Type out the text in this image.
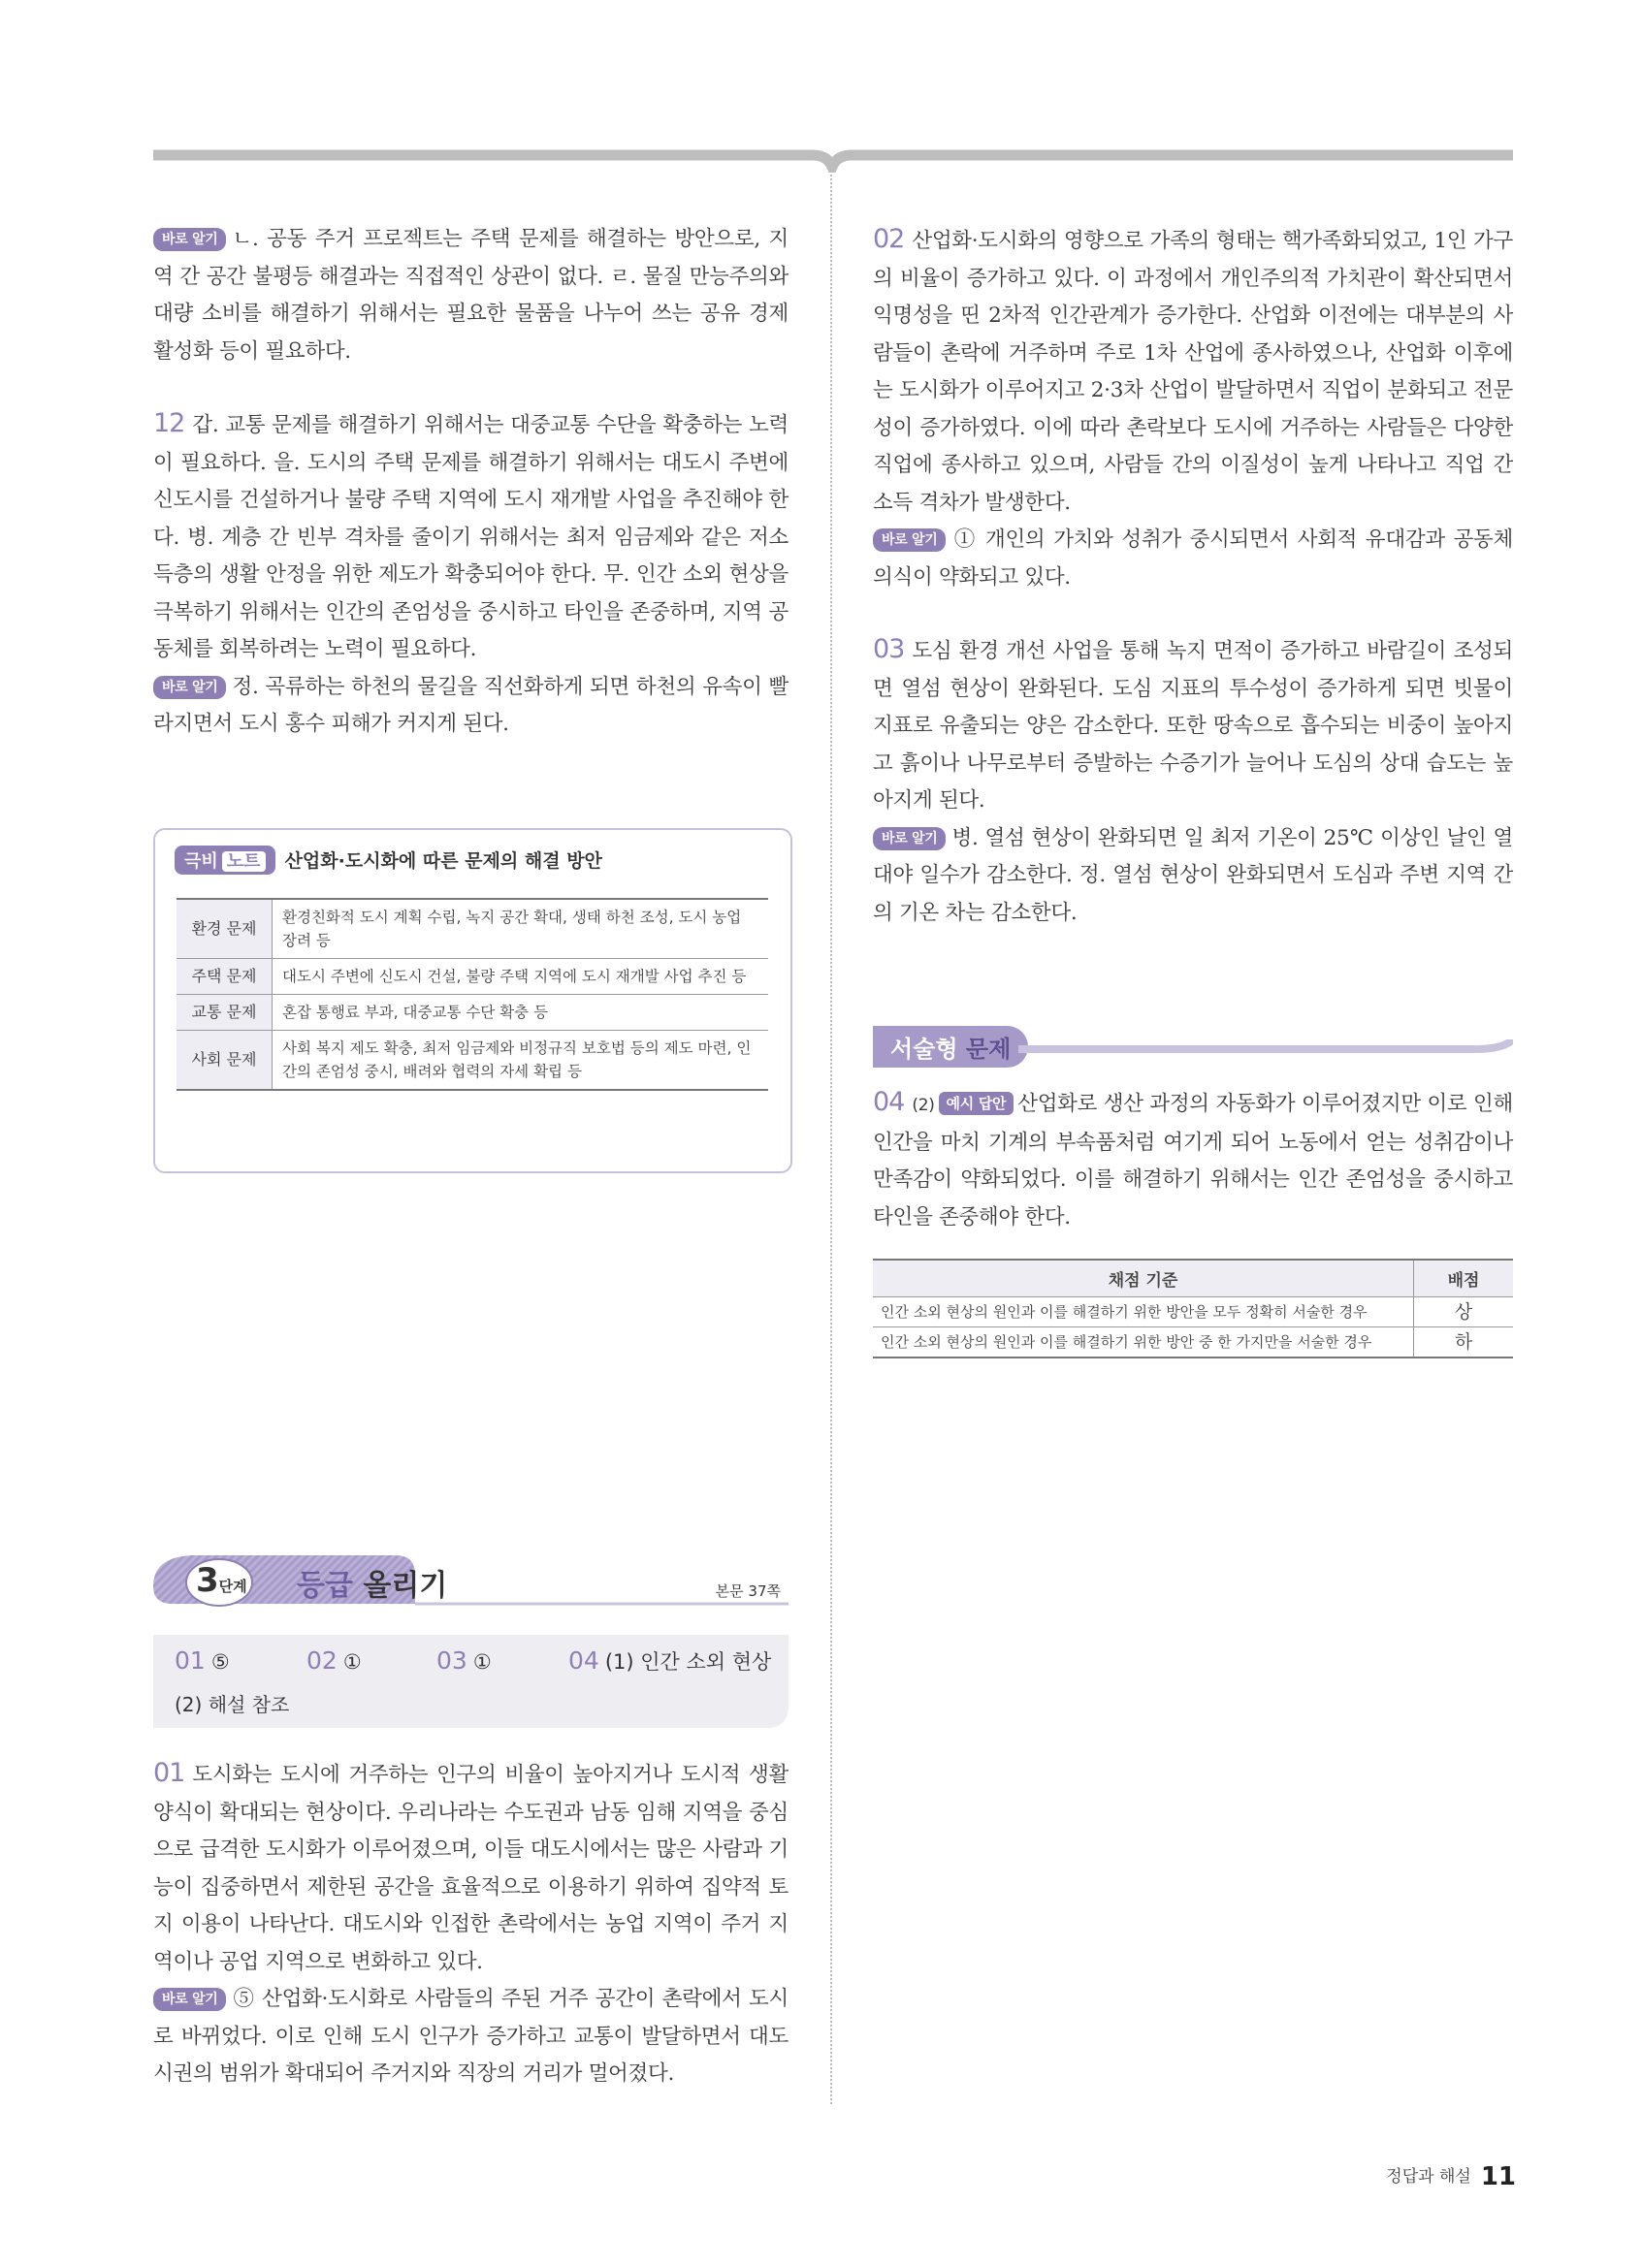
바로 알기 ㄴ. 공동 주거 프로젝트는 주택 문제를 해결하는 방안으로, 지역 간 공간 불평등 해결과는 직접적인 상관이 없다. ㄹ. 물질 만능주의와 대량 소비를 해결하기 위해서는 필요한 물품을 나누어 쓰는 공유 경제 활성화 등이 필요하다.

12 갑. 교통 문제를 해결하기 위해서는 대중교통 수단을 확충하는 노력이 필요하다. 을. 도시의 주택 문제를 해결하기 위해서는 대도시 주변에 신도시를 건설하거나 불량 주택 지역에 도시 재개발 사업을 추진해야 한다. 병. 계층 간 빈부 격차를 줄이기 위해서는 최저 임금제와 같은 저소득층의 생활 안정을 위한 제도가 확충되어야 한다. 무. 인간 소외 현상을 극복하기 위해서는 인간의 존엄성을 중시하고 타인을 존중하며, 지역 공동체를 회복하려는 노력이 필요하다.

바로 알기 정. 곡류하는 하천의 물길을 직선화하게 되면 하천의 유속이 빨라지면서 도시 홍수 피해가 커지게 된다.

극비 노트 산업화·도시화에 따른 문제의 해결 방안
환경 문제	환경친화적 도시 계획 수립, 녹지 공간 확대, 생태 하천 조성, 도시 농업 장려 등
주택 문제	대도시 주변에 신도시 건설, 불량 주택 지역에 도시 재개발 사업 추진 등
교통 문제	혼잡 통행료 부과, 대중교통 수단 확충 등
사회 문제	사회 복지 제도 확충, 최저 임금제와 비정규직 보호법 등의 제도 마련, 인간의 존엄성 중시, 배려와 협력의 자세 확립 등
3단계 등급 올리기	본문 37쪽
01 ⑤	02 ①	03 ①	04 (1) 인간 소외 현상
(2) 해설 참조

01 도시화는 도시에 거주하는 인구의 비율이 높아지거나 도시적 생활 양식이 확대되는 현상이다. 우리나라는 수도권과 남동 임해 지역을 중심으로 급격한 도시화가 이루어졌으며, 이들 대도시에서는 많은 사람과 기능이 집중하면서 제한된 공간을 효율적으로 이용하기 위하여 집약적 토지 이용이 나타난다. 대도시와 인접한 촌락에서는 농업 지역이 주거 지역이나 공업 지역으로 변화하고 있다.

바로 알기 ⑤ 산업화·도시화로 사람들의 주된 거주 공간이 촌락에서 도시로 바뀌었다. 이로 인해 도시 인구가 증가하고 교통이 발달하면서 대도시권의 범위가 확대되어 주거지와 직장의 거리가 멀어졌다.

02 산업화·도시화의 영향으로 가족의 형태는 핵가족화되었고, 1인 가구의 비율이 증가하고 있다. 이 과정에서 개인주의적 가치관이 확산되면서 익명성을 띤 2차적 인간관계가 증가한다. 산업화 이전에는 대부분의 사람들이 촌락에 거주하며 주로 1차 산업에 종사하였으나, 산업화 이후에는 도시화가 이루어지고 2·3차 산업이 발달하면서 직업이 분화되고 전문성이 증가하였다. 이에 따라 촌락보다 도시에 거주하는 사람들은 다양한 직업에 종사하고 있으며, 사람들 간의 이질성이 높게 나타나고 직업 간 소득 격차가 발생한다.

바로 알기 ① 개인의 가치와 성취가 중시되면서 사회적 유대감과 공동체 의식이 약화되고 있다.

03 도심 환경 개선 사업을 통해 녹지 면적이 증가하고 바람길이 조성되면 열섬 현상이 완화된다. 도심 지표의 투수성이 증가하게 되면 빗물이 지표로 유출되는 양은 감소한다. 또한 땅속으로 흡수되는 비중이 높아지고 흙이나 나무로부터 증발하는 수증기가 늘어나 도심의 상대 습도는 높아지게 된다.

바로 알기 병. 열섬 현상이 완화되면 일 최저 기온이 25℃ 이상인 날인 열대야 일수가 감소한다. 정. 열섬 현상이 완화되면서 도심과 주변 지역 간의 기온 차는 감소한다.

서술형 문제

04 (2) 예시 답안 산업화로 생산 과정의 자동화가 이루어졌지만 이로 인해 인간을 마치 기계의 부속품처럼 여기게 되어 노동에서 얻는 성취감이나 만족감이 약화되었다. 이를 해결하기 위해서는 인간 존엄성을 중시하고 타인을 존중해야 한다.

채점 기준	배점
인간 소외 현상의 원인과 이를 해결하기 위한 방안을 모두 정확히 서술한 경우	상
인간 소외 현상의 원인과 이를 해결하기 위한 방안 중 한 가지만을 서술한 경우	하
정답과 해설 11
